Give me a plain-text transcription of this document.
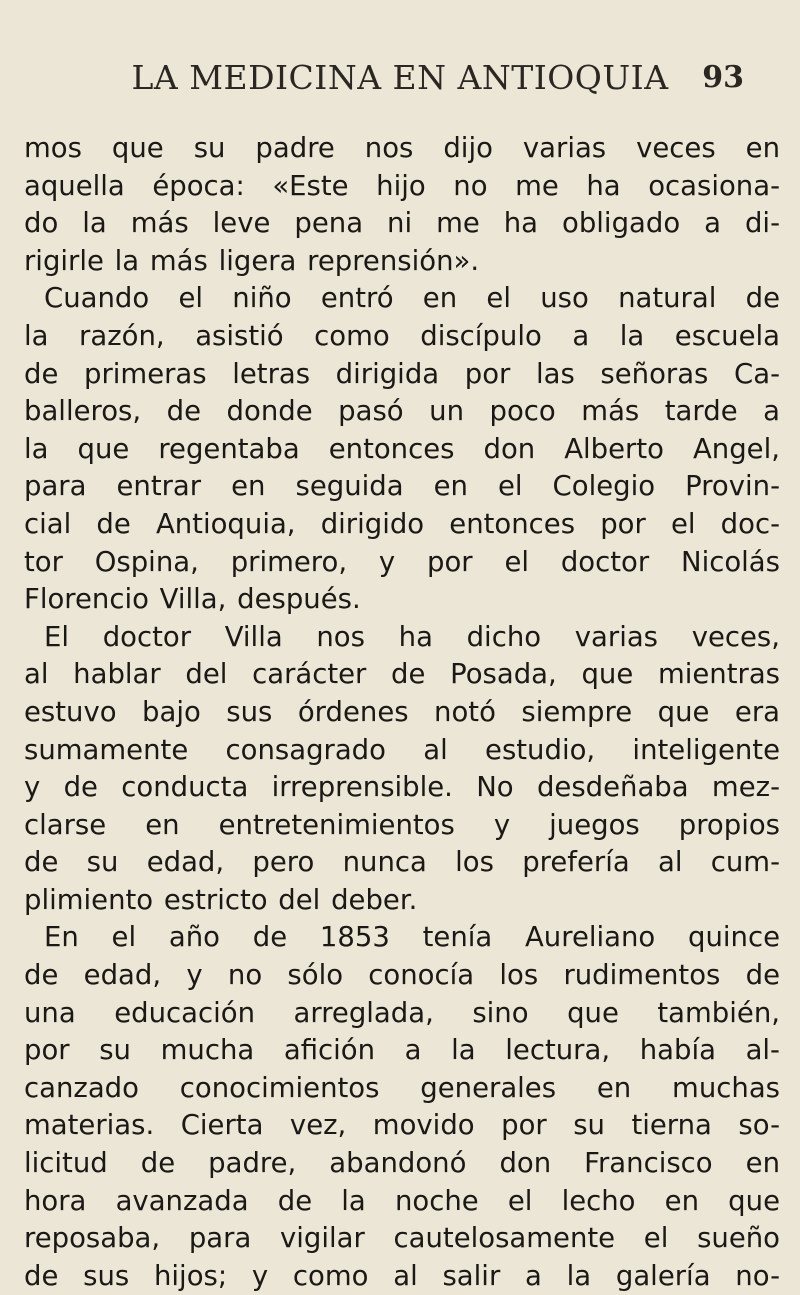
LA MEDICINA EN ANTIOQUIA	93
mos que su padre nos dijo varias veces en
aquella época: «Este hijo no me ha ocasiona-
do la más leve pena ni me ha obligado a di-
rigirle la más ligera reprensión».
Cuando el niño entró en el uso natural de
la razón, asistió como discípulo a la escuela
de primeras letras dirigida por las señoras Ca-
balleros, de donde pasó un poco más tarde a
la que regentaba entonces don Alberto Angel,
para entrar en seguida en el Colegio Provin-
cial de Antioquia, dirigido entonces por el doc-
tor Ospina, primero, y por el doctor Nicolás
Florencio Villa, después.
El doctor Villa nos ha dicho varias veces,
al hablar del carácter de Posada, que mientras
estuvo bajo sus órdenes notó siempre que era
sumamente consagrado al estudio, inteligente
y de conducta irreprensible. No desdeñaba mez-
clarse en entretenimientos y juegos propios
de su edad, pero nunca los prefería al cum-
plimiento estricto del deber.
En el año de 1853 tenía Aureliano quince
de edad, y no sólo conocía los rudimentos de
una educación arreglada, sino que también,
por su mucha afición a la lectura, había al-
canzado conocimientos generales en muchas
materias. Cierta vez, movido por su tierna so-
licitud de padre, abandonó don Francisco en
hora avanzada de la noche el lecho en que
reposaba, para vigilar cautelosamente el sueño
de sus hijos; y como al salir a la galería no-
